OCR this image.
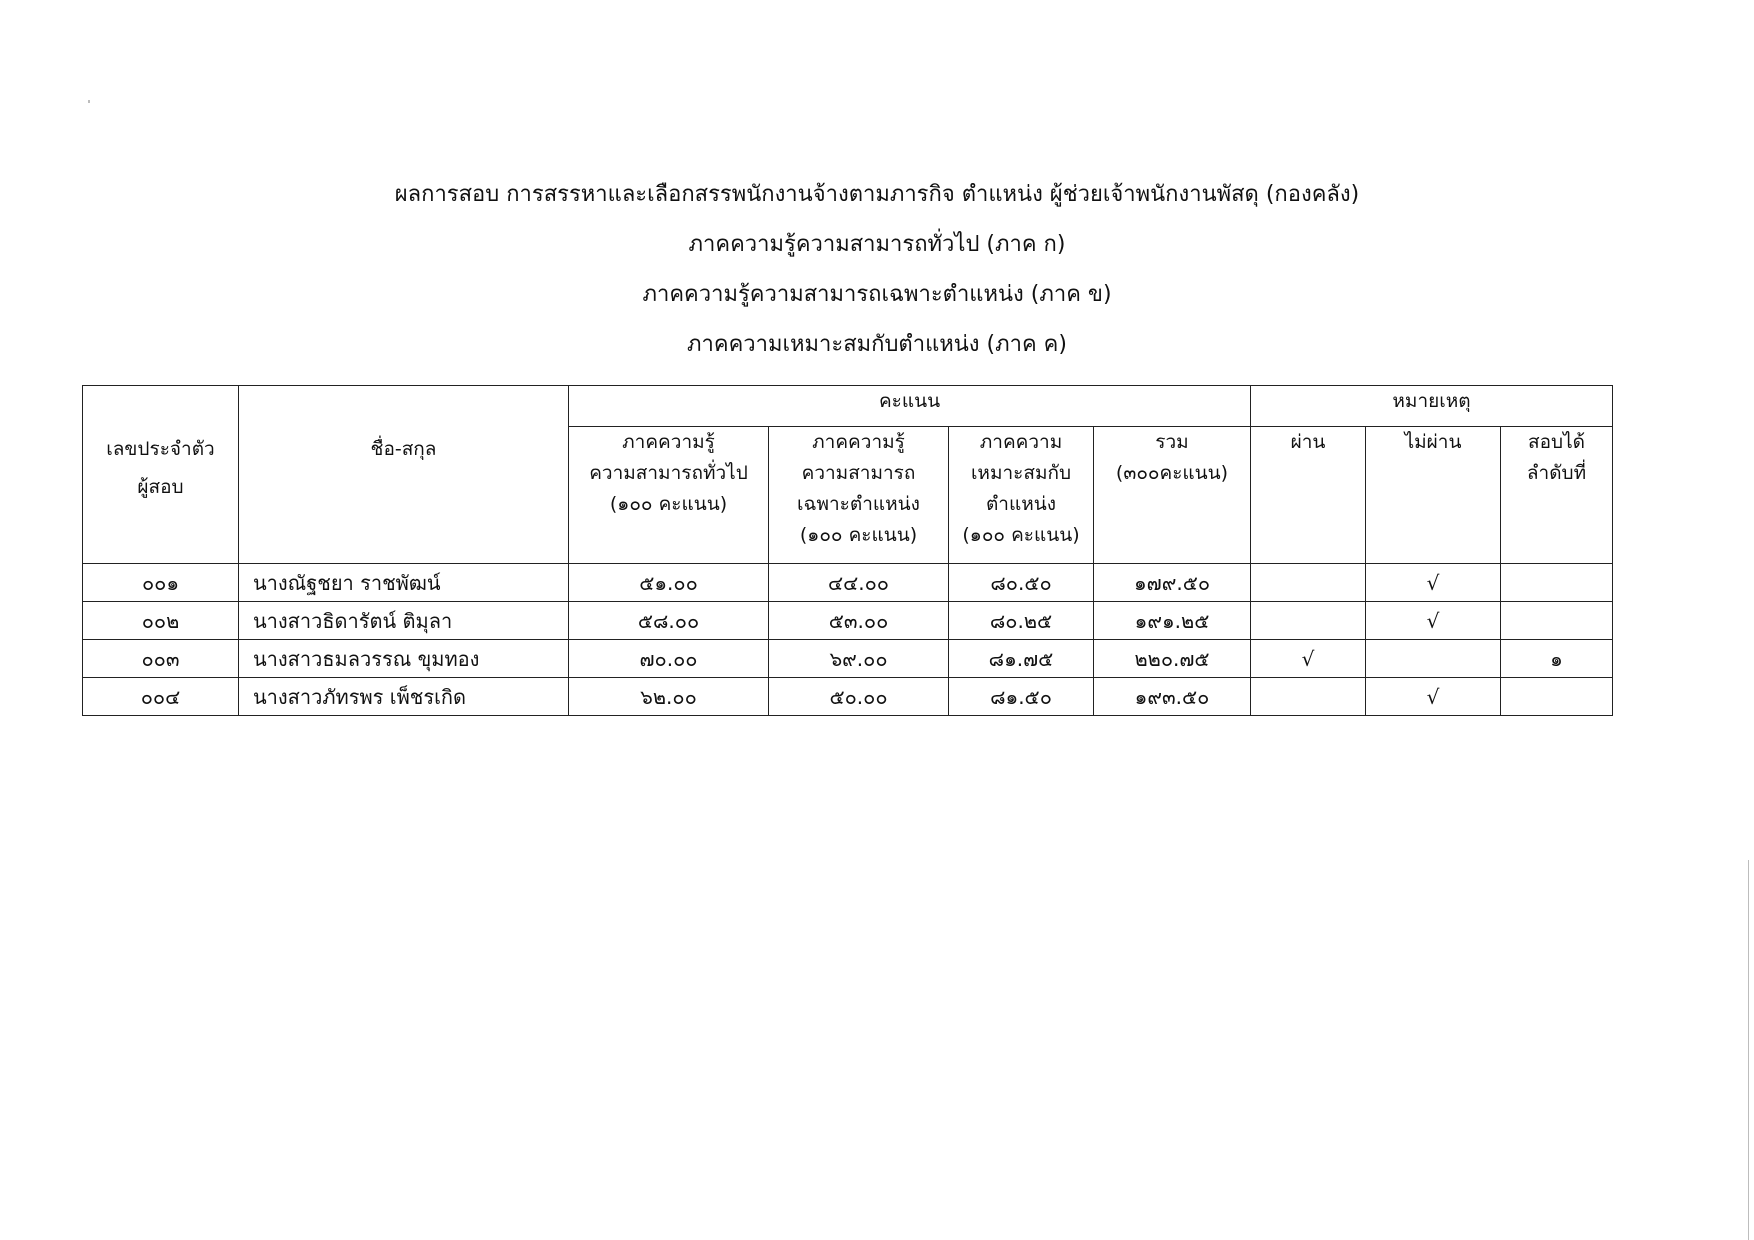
ผลการสอบ การสรรหาและเลือกสรรพนักงานจ้างตามภารกิจ ตำแหน่ง ผู้ช่วยเจ้าพนักงานพัสดุ (กองคลัง)
ภาคความรู้ความสามารถทั่วไป (ภาค ก)
ภาคความรู้ความสามารถเฉพาะตำแหน่ง (ภาค ข)
ภาคความเหมาะสมกับตำแหน่ง (ภาค ค)
เลขประจำตัว
ผู้สอบ	ชื่อ-สกุล	คะแนน				หมายเหตุ		

		ภาคความรู้
ความสามารถทั่วไป
(๑๐๐ คะแนน)	ภาคความรู้
ความสามารถ
เฉพาะตำแหน่ง
(๑๐๐ คะแนน)	ภาคความ
เหมาะสมกับ
ตำแหน่ง
(๑๐๐ คะแนน)	รวม
(๓๐๐คะแนน)	ผ่าน	ไม่ผ่าน	สอบได้
ลำดับที่

๐๐๑	นางณัฐชยา ราชพัฒน์	๕๑.๐๐	๔๔.๐๐	๘๐.๕๐	๑๗๙.๕๐		√	
๐๐๒	นางสาวธิดารัตน์ ติมุลา	๕๘.๐๐	๕๓.๐๐	๘๐.๒๕	๑๙๑.๒๕		√	
๐๐๓	นางสาวธมลวรรณ ขุมทอง	๗๐.๐๐	๖๙.๐๐	๘๑.๗๕	๒๒๐.๗๕	√		๑
๐๐๔	นางสาวภัทรพร เพ็ชรเกิด	๖๒.๐๐	๕๐.๐๐	๘๑.๕๐	๑๙๓.๕๐		√	
